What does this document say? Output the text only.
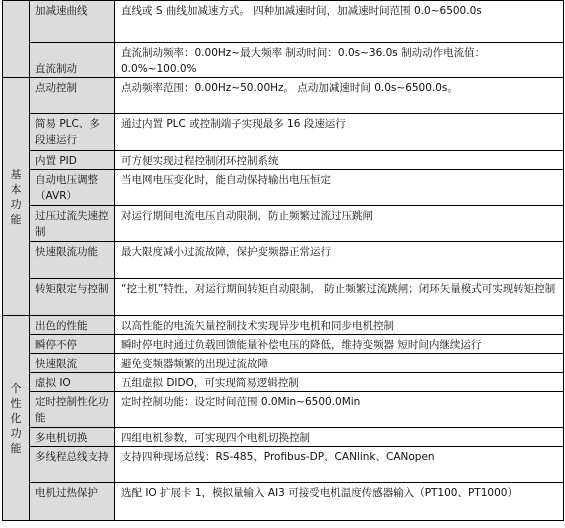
	加减速曲线	直线或 S 曲线加减速方式。 四种加减速时间，加减速时间范围 0.0~6500.0s
	直流制动	直流制动频率：0.00Hz~最大频率 制动时间：0.0s~36.0s 制动动作电流值：0.0%~100.0%
基本功能	点动控制	点动频率范围：0.00Hz~50.00Hz。 点动加减速时间 0.0s~6500.0s。
	简易 PLC、多段速运行	通过内置 PLC 或控制端子实现最多 16 段速运行
	内置 PID	可方便实现过程控制闭环控制系统
	自动电压调整（AVR）	当电网电压变化时，能自动保持输出电压恒定
	过压过流失速控制	对运行期间电流电压自动限制，防止频繁过流过压跳闸
	快速限流功能	最大限度减小过流故障，保护变频器正常运行
	转矩限定与控制	“挖土机”特性，对运行期间转矩自动限制， 防止频繁过流跳闸；闭环矢量模式可实现转矩控制
个性化功能	出色的性能	以高性能的电流矢量控制技术实现异步电机和同步电机控制
	瞬停不停	瞬时停电时通过负载回馈能量补偿电压的降低，维持变频器 短时间内继续运行
	快速限流	避免变频器频繁的出现过流故障
	虚拟 IO	五组虚拟 DIDO，可实现简易逻辑控制
	定时控制性化功能	定时控制功能：设定时间范围 0.0Min~6500.0Min
	多电机切换	四组电机参数，可实现四个电机切换控制
	多线程总线支持	支持四种现场总线：RS-485、Profibus-DP、CANlink、CANopen
	电机过热保护	选配 IO 扩展卡 1，模拟量输入 AI3 可接受电机温度传感器输入（PT100、PT1000）
